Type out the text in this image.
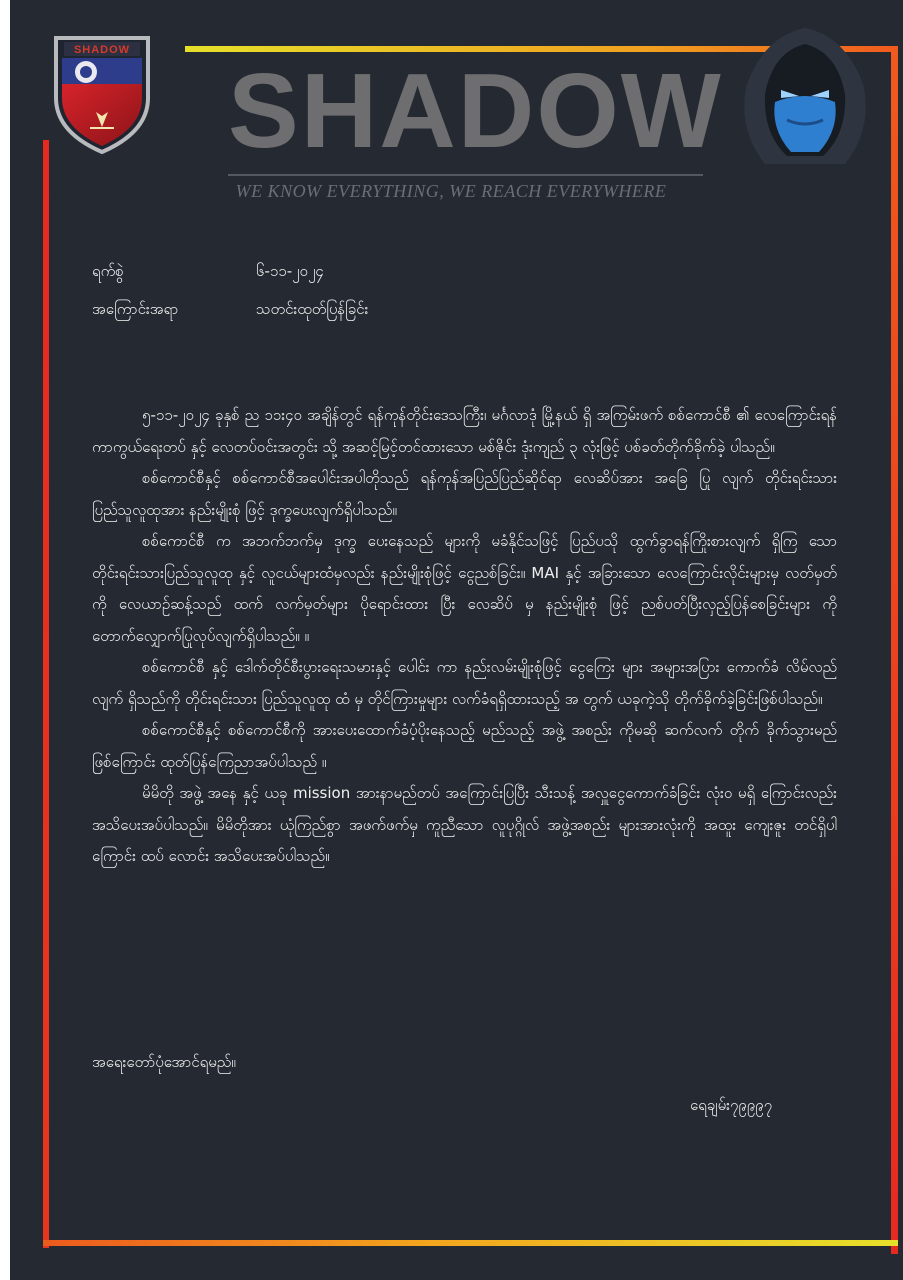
SHADOW
SHADOW
WE KNOW EVERYTHING, WE REACH EVERYWHERE
ရက်စွဲ	၆-၁၁-၂၀၂၄
အကြောင်းအရာ	သတင်းထုတ်ပြန်ခြင်း

၅-၁၁-၂၀၂၄ ခုနှစ် ည ၁၁း၄၀ အချိန်တွင် ရန်ကုန်တိုင်းဒေသကြီး၊ မင်္ဂလာဒုံ မြို့နယ် ရှိ အကြမ်းဖက် စစ်ကောင်စီ ၏ လေကြောင်းရန်ကာကွယ်ရေးတပ် နှင့် လေတပ်ဝင်းအတွင်း သို့ အဆင့်မြင့်တင်ထားသော မစ်ဇိုင်း ဒုံးကျည် ၃ လုံးဖြင့် ပစ်ခတ်တိုက်ခိုက်ခဲ့ ပါသည်။

စစ်ကောင်စီနှင့် စစ်ကောင်စီအပေါင်းအပါတိုသည် ရန်ကုန်အပြည်ပြည်ဆိုင်ရာ လေဆိပ်အား အခြေ ပြု လျက် တိုင်းရင်းသား ပြည်သူလူထုအား နည်းမျိုးစုံ ဖြင့် ဒုက္ခပေးလျက်ရှိပါသည်။

စစ်ကောင်စီ က အဘက်ဘက်မှ ဒုက္ခ ပေးနေသည် များကို မခံနိုင်သဖြင့် ပြည်ပသို ထွက်ခွာရန်ကြိုးစားလျက် ရှိကြ သော တိုင်းရင်းသားပြည်သူလူထု နှင့် လူငယ်များထံမှလည်း နည်းမျိုးစုံဖြင့် ငွေညစ်ခြင်း။ MAI နှင့် အခြားသော လေကြောင်းလိုင်းများမှ လတ်မှတ် ကို လေယာဉ်ဆန့်သည် ထက် လက်မှတ်များ ပိုရောင်းထား ပြီး လေဆိပ် မှ နည်းမျိုးစုံ ဖြင့် ညစ်ပတ်ပြီးလှည့်ပြန်စေခြင်းများ ကို တောက်လျှောက်ပြုလုပ်လျက်ရှိပါသည်။ ။

စစ်ကောင်စီ နှင့် ဒေါက်တိုင်စီးပွားရေးသမားနှင့် ပေါင်း ကာ နည်းလမ်းမျိုးစုံဖြင့် ငွေကြေး များ အများအပြား ကောက်ခံ လိမ်လည်လျက် ရှိသည်ကို တိုင်းရင်းသား ပြည်သူလူထု ထံ မှ တိုင်ကြားမှုများ လက်ခံရရှိထားသည့် အ တွက် ယခုကဲ့သို တိုက်ခိုက်ခဲ့ခြင်းဖြစ်ပါသည်။

စစ်ကောင်စီနှင့် စစ်ကောင်စီကို အားပေးထောက်ခံပံ့ပိုးနေသည့် မည်သည့် အဖွဲ့ အစည်း ကိုမဆို ဆက်လက် တိုက် ခိုက်သွားမည်ဖြစ်ကြောင်း ထုတ်ပြန်ကြေညာအပ်ပါသည် ။

မိမိတို အဖွဲ့ အနေ နှင့် ယခု mission အားနာမည်တပ် အကြောင်းပြပြီး သီးသန့် အလှူငွေကောက်ခံခြင်း လုံးဝ မရှိ ကြောင်းလည်း အသိပေးအပ်ပါသည်။ မိမိတိုအား ယုံကြည်စွာ အဖက်ဖက်မှ ကူညီသော လူပုဂ္ဂိုလ် အဖွဲ့အစည်း များအားလုံးကို အထူး ကျေးဇူး တင်ရှိပါကြောင်း ထပ် လောင်း အသိပေးအပ်ပါသည်။

အရေးတော်ပုံအောင်ရမည်။
ရေချမ်း၇၉၉၉၇
